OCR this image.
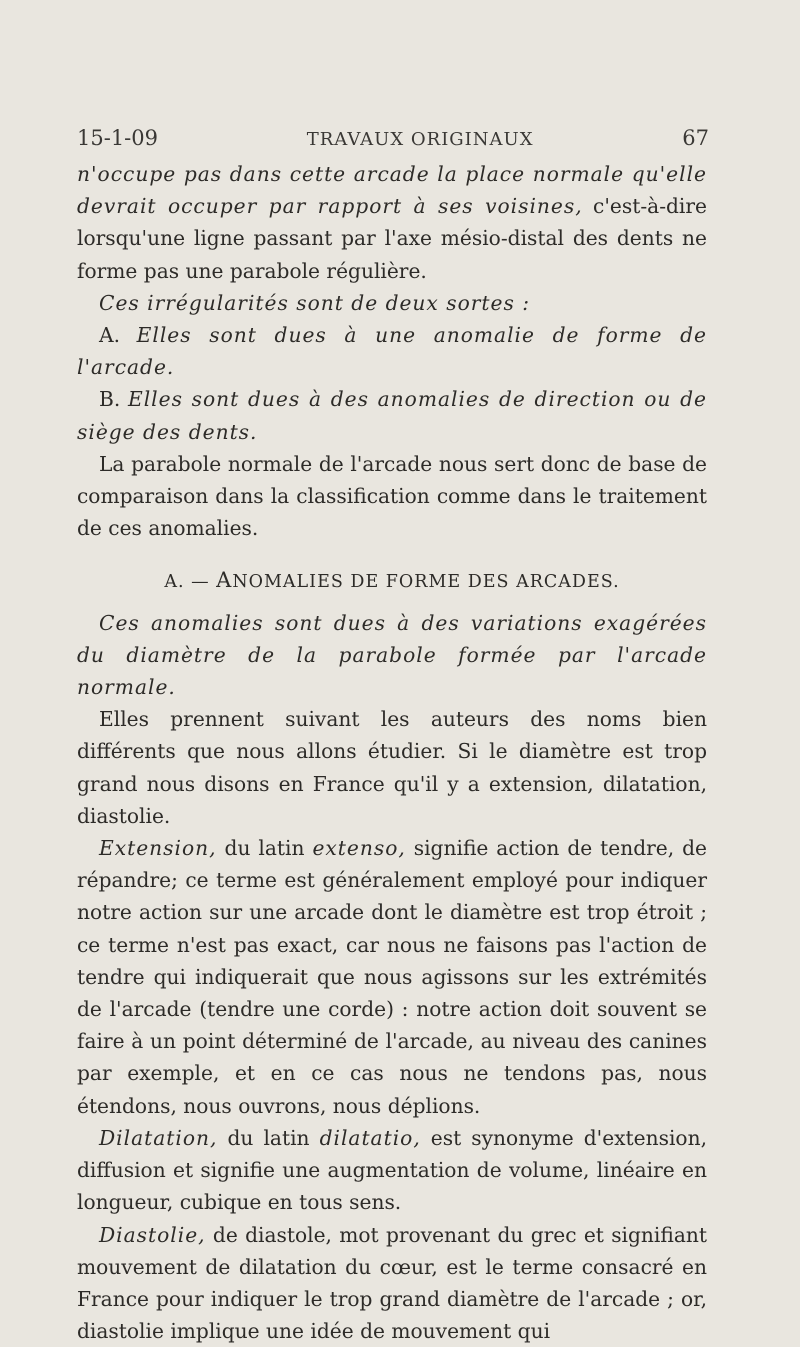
15-1-09	TRAVAUX ORIGINAUX	67

n'occupe pas dans cette arcade la place normale qu'elle devrait occuper par rapport à ses voisines, c'est-à-dire lorsqu'une ligne passant par l'axe mésio-distal des dents ne forme pas une parabole régulière.

Ces irrégularités sont de deux sortes :

A. Elles sont dues à une anomalie de forme de l'arcade.

B. Elles sont dues à des anomalies de direction ou de siège des dents.

La parabole normale de l'arcade nous sert donc de base de comparaison dans la classification comme dans le traitement de ces anomalies.

A. — ANOMALIES DE FORME DES ARCADES.

Ces anomalies sont dues à des variations exagérées du diamètre de la parabole formée par l'arcade normale.

Elles prennent suivant les auteurs des noms bien différents que nous allons étudier. Si le diamètre est trop grand nous disons en France qu'il y a extension, dilatation, diastolie.

Extension, du latin extenso, signifie action de tendre, de répandre; ce terme est généralement employé pour indiquer notre action sur une arcade dont le diamètre est trop étroit ; ce terme n'est pas exact, car nous ne faisons pas l'action de tendre qui indiquerait que nous agissons sur les extrémités de l'arcade (tendre une corde) : notre action doit souvent se faire à un point déterminé de l'arcade, au niveau des canines par exemple, et en ce cas nous ne tendons pas, nous étendons, nous ouvrons, nous déplions.

Dilatation, du latin dilatatio, est synonyme d'extension, diffusion et signifie une augmentation de volume, linéaire en longueur, cubique en tous sens.

Diastolie, de diastole, mot provenant du grec et signifiant mouvement de dilatation du cœur, est le terme consacré en France pour indiquer le trop grand diamètre de l'arcade ; or, diastolie implique une idée de mouvement qui
